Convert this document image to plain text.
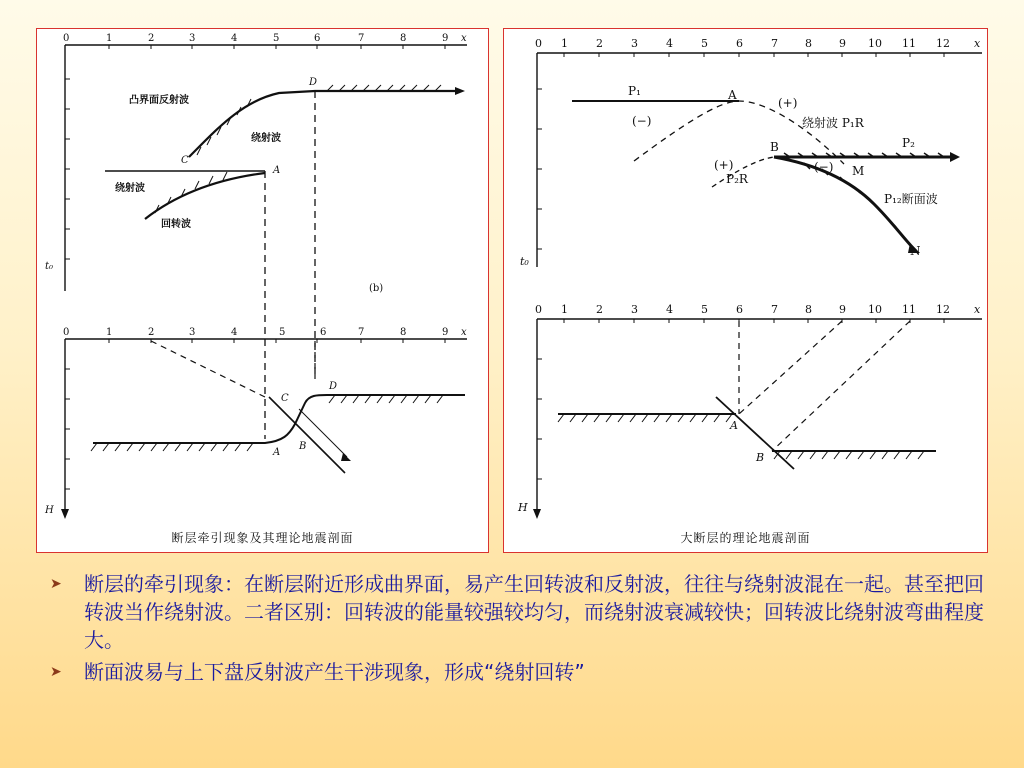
0	1	2	3	4	5	6	7	8	9 x
t₀
凸界面反射波
绕射波
绕射波
回转波
A
D
C
(b)
0	1	2	3	4	5	6	7	8	9 x
H
C
D
A
B
断层牵引现象及其理论地震剖面
0 1	2	3	4	5	6	7 8 9 10 11 12 x
t₀
P₁	A
(+)
(−)	绕射波 P₁R
B	P₂
(+)
P₂R
(−) M
P₁₂断面波
N
0 1	2	3	4	5	6	7 8 9 10 11 12 x
H
A
B
大断层的理论地震剖面
➤ 断层的牵引现象：在断层附近形成曲界面，易产生回转波和反射波，往往与绕射波混在一起。甚至把回转波当作绕射波。二者区别：回转波的能量较强较均匀，而绕射波衰减较快；回转波比绕射波弯曲程度大。
➤ 断面波易与上下盘反射波产生干涉现象，形成“绕射回转”
